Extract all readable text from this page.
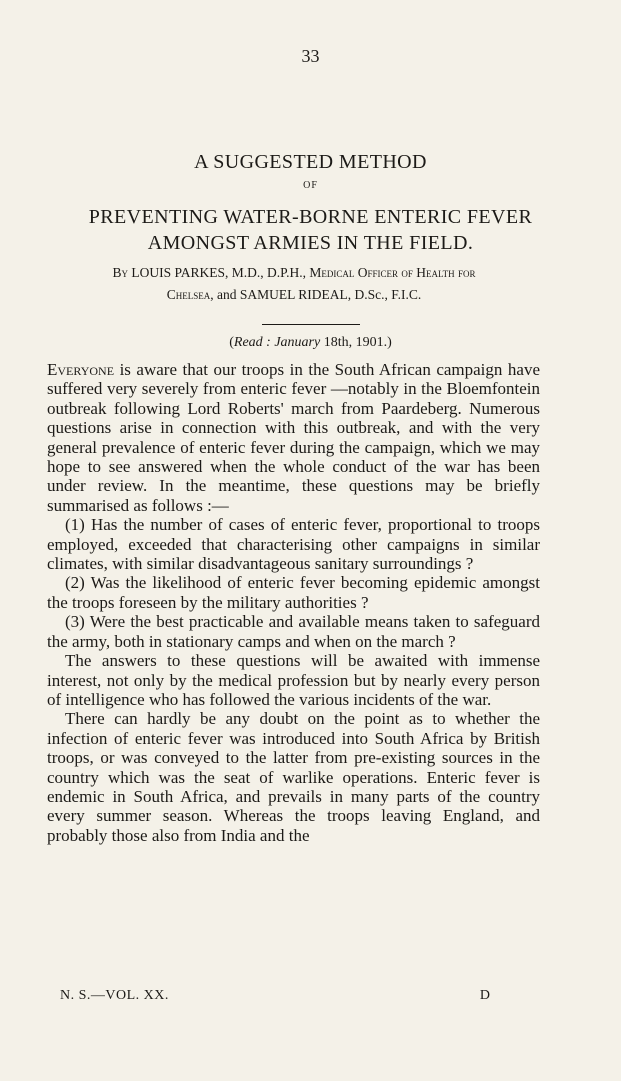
33
A SUGGESTED METHOD
OF
PREVENTING WATER-BORNE ENTERIC FEVER
AMONGST ARMIES IN THE FIELD.
By LOUIS PARKES, M.D., D.P.H., Medical Officer of Health for
Chelsea, and SAMUEL RIDEAL, D.Sc., F.I.C.
(Read : January 18th, 1901.)

Everyone is aware that our troops in the South African campaign have suffered very severely from enteric fever —notably in the Bloemfontein outbreak following Lord Roberts' march from Paardeberg. Numerous questions arise in connection with this outbreak, and with the very general prevalence of enteric fever during the campaign, which we may hope to see answered when the whole conduct of the war has been under review. In the meantime, these questions may be briefly summarised as follows :—

(1) Has the number of cases of enteric fever, proportional to troops employed, exceeded that characterising other campaigns in similar climates, with similar disadvantageous sanitary surroundings ?

(2) Was the likelihood of enteric fever becoming epidemic amongst the troops foreseen by the military authorities ?

(3) Were the best practicable and available means taken to safeguard the army, both in stationary camps and when on the march ?

The answers to these questions will be awaited with immense interest, not only by the medical profession but by nearly every person of intelligence who has followed the various incidents of the war.

There can hardly be any doubt on the point as to whether the infection of enteric fever was introduced into South Africa by British troops, or was conveyed to the latter from pre-existing sources in the country which was the seat of warlike operations. Enteric fever is endemic in South Africa, and prevails in many parts of the country every summer season. Whereas the troops leaving England, and probably those also from India and the

N. S.—VOL. XX.	D
